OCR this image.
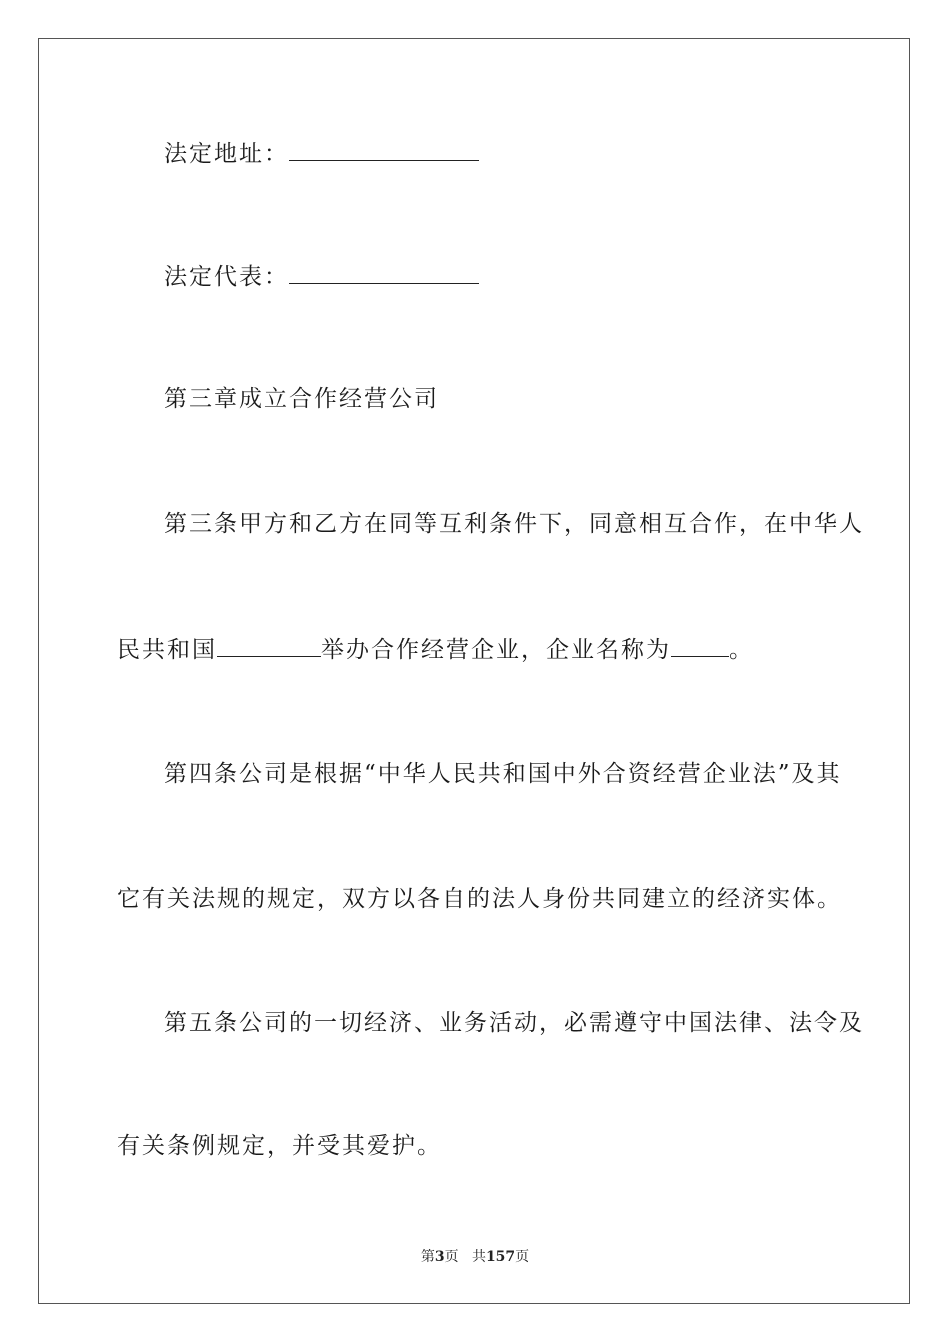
法定地址：
法定代表：
第三章成立合作经营公司
第三条甲方和乙方在同等互利条件下，同意相互合作，在中华人
民共和国	举办合作经营企业，企业名称为	。
第四条公司是根据“中华人民共和国中外合资经营企业法”及其
它有关法规的规定，双方以各自的法人身份共同建立的经济实体。
第五条公司的一切经济、业务活动，必需遵守中国法律、法令及
有关条例规定，并受其爱护。
第3页 共157页
